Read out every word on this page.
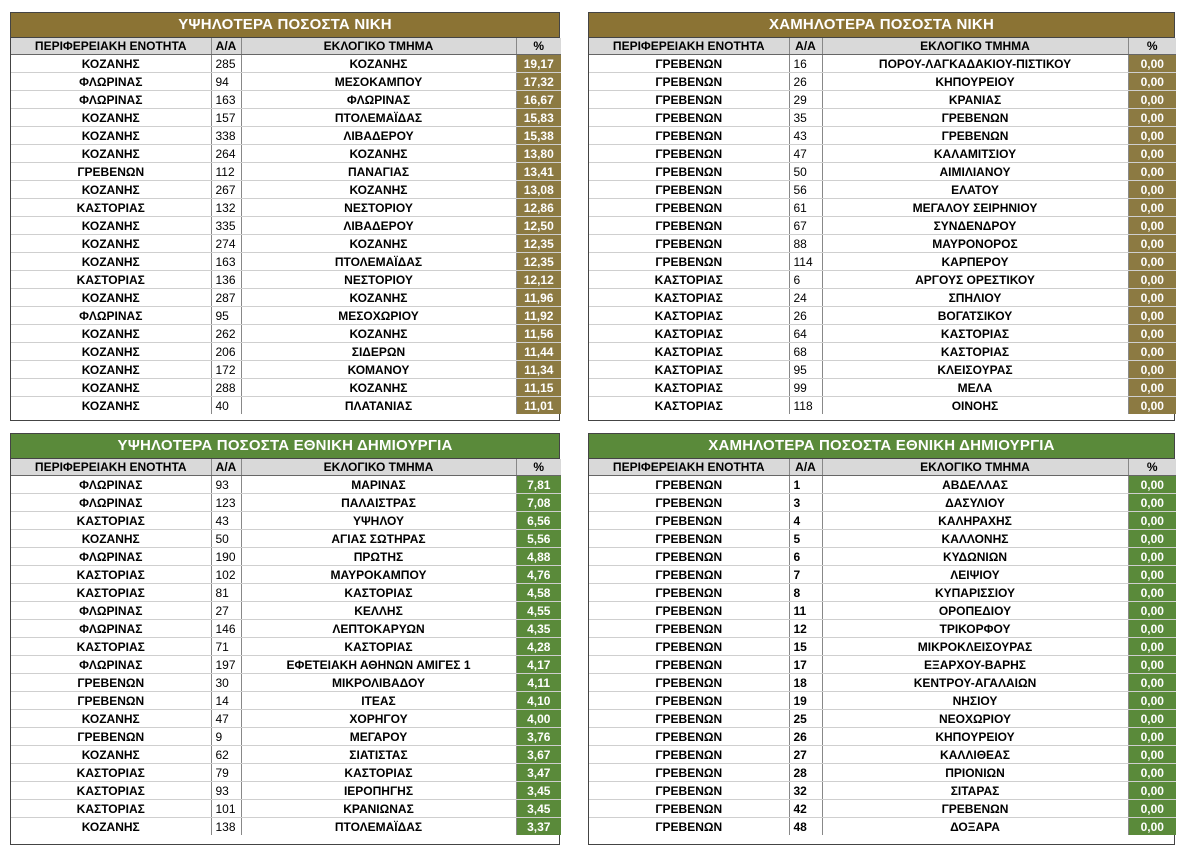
ΥΨΗΛΟΤΕΡΑ ΠΟΣΟΣΤΑ ΝΙΚΗ
ΠΕΡΙΦΕΡΕΙΑΚΗ ΕΝΟΤΗΤΑ	Α/Α	ΕΚΛΟΓΙΚΟ ΤΜΗΜΑ	%
ΚΟΖΑΝΗΣ	285	ΚΟΖΑΝΗΣ	19,17
ΦΛΩΡΙΝΑΣ	94	ΜΕΣΟΚΑΜΠΟΥ	17,32
ΦΛΩΡΙΝΑΣ	163	ΦΛΩΡΙΝΑΣ	16,67
ΚΟΖΑΝΗΣ	157	ΠΤΟΛΕΜΑΪΔΑΣ	15,83
ΚΟΖΑΝΗΣ	338	ΛΙΒΑΔΕΡΟΥ	15,38
ΚΟΖΑΝΗΣ	264	ΚΟΖΑΝΗΣ	13,80
ΓΡΕΒΕΝΩΝ	112	ΠΑΝΑΓΙΑΣ	13,41
ΚΟΖΑΝΗΣ	267	ΚΟΖΑΝΗΣ	13,08
ΚΑΣΤΟΡΙΑΣ	132	ΝΕΣΤΟΡΙΟΥ	12,86
ΚΟΖΑΝΗΣ	335	ΛΙΒΑΔΕΡΟΥ	12,50
ΚΟΖΑΝΗΣ	274	ΚΟΖΑΝΗΣ	12,35
ΚΟΖΑΝΗΣ	163	ΠΤΟΛΕΜΑΪΔΑΣ	12,35
ΚΑΣΤΟΡΙΑΣ	136	ΝΕΣΤΟΡΙΟΥ	12,12
ΚΟΖΑΝΗΣ	287	ΚΟΖΑΝΗΣ	11,96
ΦΛΩΡΙΝΑΣ	95	ΜΕΣΟΧΩΡΙΟΥ	11,92
ΚΟΖΑΝΗΣ	262	ΚΟΖΑΝΗΣ	11,56
ΚΟΖΑΝΗΣ	206	ΣΙΔΕΡΩΝ	11,44
ΚΟΖΑΝΗΣ	172	ΚΟΜΑΝΟΥ	11,34
ΚΟΖΑΝΗΣ	288	ΚΟΖΑΝΗΣ	11,15
ΚΟΖΑΝΗΣ	40	ΠΛΑΤΑΝΙΑΣ	11,01
ΧΑΜΗΛΟΤΕΡΑ ΠΟΣΟΣΤΑ ΝΙΚΗ
ΠΕΡΙΦΕΡΕΙΑΚΗ ΕΝΟΤΗΤΑ	Α/Α	ΕΚΛΟΓΙΚΟ ΤΜΗΜΑ	%
ΓΡΕΒΕΝΩΝ	16	ΠΟΡΟΥ-ΛΑΓΚΑΔΑΚΙΟΥ-ΠΙΣΤΙΚΟΥ	0,00
ΓΡΕΒΕΝΩΝ	26	ΚΗΠΟΥΡΕΙΟΥ	0,00
ΓΡΕΒΕΝΩΝ	29	ΚΡΑΝΙΑΣ	0,00
ΓΡΕΒΕΝΩΝ	35	ΓΡΕΒΕΝΩΝ	0,00
ΓΡΕΒΕΝΩΝ	43	ΓΡΕΒΕΝΩΝ	0,00
ΓΡΕΒΕΝΩΝ	47	ΚΑΛΑΜΙΤΣΙΟΥ	0,00
ΓΡΕΒΕΝΩΝ	50	ΑΙΜΙΛΙΑΝΟΥ	0,00
ΓΡΕΒΕΝΩΝ	56	ΕΛΑΤΟΥ	0,00
ΓΡΕΒΕΝΩΝ	61	ΜΕΓΑΛΟΥ ΣΕΙΡΗΝΙΟΥ	0,00
ΓΡΕΒΕΝΩΝ	67	ΣΥΝΔΕΝΔΡΟΥ	0,00
ΓΡΕΒΕΝΩΝ	88	ΜΑΥΡΟΝΟΡΟΣ	0,00
ΓΡΕΒΕΝΩΝ	114	ΚΑΡΠΕΡΟΥ	0,00
ΚΑΣΤΟΡΙΑΣ	6	ΑΡΓΟΥΣ ΟΡΕΣΤΙΚΟΥ	0,00
ΚΑΣΤΟΡΙΑΣ	24	ΣΠΗΛΙΟΥ	0,00
ΚΑΣΤΟΡΙΑΣ	26	ΒΟΓΑΤΣΙΚΟΥ	0,00
ΚΑΣΤΟΡΙΑΣ	64	ΚΑΣΤΟΡΙΑΣ	0,00
ΚΑΣΤΟΡΙΑΣ	68	ΚΑΣΤΟΡΙΑΣ	0,00
ΚΑΣΤΟΡΙΑΣ	95	ΚΛΕΙΣΟΥΡΑΣ	0,00
ΚΑΣΤΟΡΙΑΣ	99	ΜΕΛΑ	0,00
ΚΑΣΤΟΡΙΑΣ	118	ΟΙΝΟΗΣ	0,00
ΥΨΗΛΟΤΕΡΑ ΠΟΣΟΣΤΑ ΕΘΝΙΚΗ ΔΗΜΙΟΥΡΓΙΑ
ΠΕΡΙΦΕΡΕΙΑΚΗ ΕΝΟΤΗΤΑ	Α/Α	ΕΚΛΟΓΙΚΟ ΤΜΗΜΑ	%
ΦΛΩΡΙΝΑΣ	93	ΜΑΡΙΝΑΣ	7,81
ΦΛΩΡΙΝΑΣ	123	ΠΑΛΑΙΣΤΡΑΣ	7,08
ΚΑΣΤΟΡΙΑΣ	43	ΥΨΗΛΟΥ	6,56
ΚΟΖΑΝΗΣ	50	ΑΓΙΑΣ ΣΩΤΗΡΑΣ	5,56
ΦΛΩΡΙΝΑΣ	190	ΠΡΩΤΗΣ	4,88
ΚΑΣΤΟΡΙΑΣ	102	ΜΑΥΡΟΚΑΜΠΟΥ	4,76
ΚΑΣΤΟΡΙΑΣ	81	ΚΑΣΤΟΡΙΑΣ	4,58
ΦΛΩΡΙΝΑΣ	27	ΚΕΛΛΗΣ	4,55
ΦΛΩΡΙΝΑΣ	146	ΛΕΠΤΟΚΑΡΥΩΝ	4,35
ΚΑΣΤΟΡΙΑΣ	71	ΚΑΣΤΟΡΙΑΣ	4,28
ΦΛΩΡΙΝΑΣ	197	ΕΦΕΤΕΙΑΚΗ ΑΘΗΝΩΝ ΑΜΙΓΕΣ 1	4,17
ΓΡΕΒΕΝΩΝ	30	ΜΙΚΡΟΛΙΒΑΔΟΥ	4,11
ΓΡΕΒΕΝΩΝ	14	ΙΤΕΑΣ	4,10
ΚΟΖΑΝΗΣ	47	ΧΟΡΗΓΟΥ	4,00
ΓΡΕΒΕΝΩΝ	9	ΜΕΓΑΡΟΥ	3,76
ΚΟΖΑΝΗΣ	62	ΣΙΑΤΙΣΤΑΣ	3,67
ΚΑΣΤΟΡΙΑΣ	79	ΚΑΣΤΟΡΙΑΣ	3,47
ΚΑΣΤΟΡΙΑΣ	93	ΙΕΡΟΠΗΓΗΣ	3,45
ΚΑΣΤΟΡΙΑΣ	101	ΚΡΑΝΙΩΝΑΣ	3,45
ΚΟΖΑΝΗΣ	138	ΠΤΟΛΕΜΑΪΔΑΣ	3,37
ΧΑΜΗΛΟΤΕΡΑ ΠΟΣΟΣΤΑ ΕΘΝΙΚΗ ΔΗΜΙΟΥΡΓΙΑ
ΠΕΡΙΦΕΡΕΙΑΚΗ ΕΝΟΤΗΤΑ	Α/Α	ΕΚΛΟΓΙΚΟ ΤΜΗΜΑ	%
ΓΡΕΒΕΝΩΝ	1	ΑΒΔΕΛΛΑΣ	0,00
ΓΡΕΒΕΝΩΝ	3	ΔΑΣΥΛΙΟΥ	0,00
ΓΡΕΒΕΝΩΝ	4	ΚΑΛΗΡΑΧΗΣ	0,00
ΓΡΕΒΕΝΩΝ	5	ΚΑΛΛΟΝΗΣ	0,00
ΓΡΕΒΕΝΩΝ	6	ΚΥΔΩΝΙΩΝ	0,00
ΓΡΕΒΕΝΩΝ	7	ΛΕΙΨΙΟΥ	0,00
ΓΡΕΒΕΝΩΝ	8	ΚΥΠΑΡΙΣΣΙΟΥ	0,00
ΓΡΕΒΕΝΩΝ	11	ΟΡΟΠΕΔΙΟΥ	0,00
ΓΡΕΒΕΝΩΝ	12	ΤΡΙΚΟΡΦΟΥ	0,00
ΓΡΕΒΕΝΩΝ	15	ΜΙΚΡΟΚΛΕΙΣΟΥΡΑΣ	0,00
ΓΡΕΒΕΝΩΝ	17	ΕΞΑΡΧΟΥ-ΒΑΡΗΣ	0,00
ΓΡΕΒΕΝΩΝ	18	ΚΕΝΤΡΟΥ-ΑΓΑΛΑΙΩΝ	0,00
ΓΡΕΒΕΝΩΝ	19	ΝΗΣΙΟΥ	0,00
ΓΡΕΒΕΝΩΝ	25	ΝΕΟΧΩΡΙΟΥ	0,00
ΓΡΕΒΕΝΩΝ	26	ΚΗΠΟΥΡΕΙΟΥ	0,00
ΓΡΕΒΕΝΩΝ	27	ΚΑΛΛΙΘΕΑΣ	0,00
ΓΡΕΒΕΝΩΝ	28	ΠΡΙΟΝΙΩΝ	0,00
ΓΡΕΒΕΝΩΝ	32	ΣΙΤΑΡΑΣ	0,00
ΓΡΕΒΕΝΩΝ	42	ΓΡΕΒΕΝΩΝ	0,00
ΓΡΕΒΕΝΩΝ	48	ΔΟΞΑΡΑ	0,00
